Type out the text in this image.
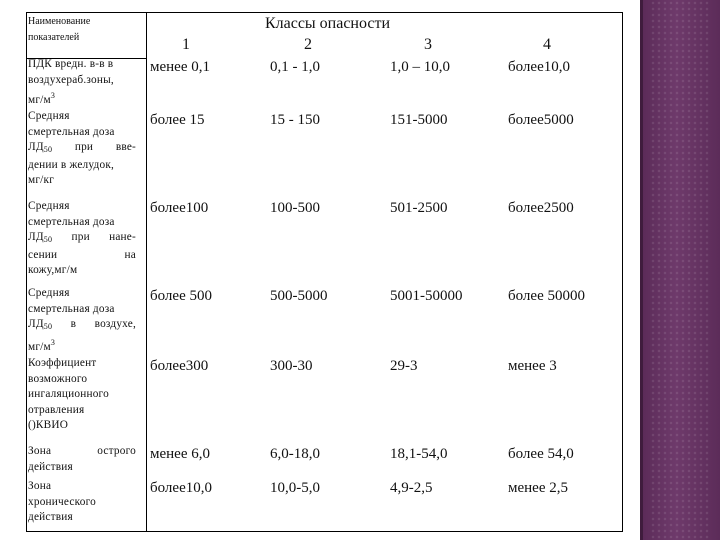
Наименование показателей
Классы опасности
1	2	3	4
ПДК вредн. в-в в
воздухераб.зоны,
$мг/м^3$
менее 0,1	0,1 - 1,0	1,0 – 10,0	более10,0
Средняя
смертельная доза
$ЛД_{50}$ при вве-
дении в желудок,
мг/кг
более 15	15 - 150	151-5000	более5000
Средняя
смертельная доза
$ЛД_{50}$ при нане-
сении	на
кожу,мг/м
более100	100-500	501-2500	более2500
Средняя
смертельная доза
$ЛД_{50}$ в воздухе,
$мг/м^3$
более 500	500-5000	5001-50000	более 50000
Коэффициент
возможного
ингаляционного
отравления
()КВИО
более300	300-30	29-3	менее 3
Зона	острого
действия
менее 6,0	6,0-18,0	18,1-54,0	более 54,0
Зона
хронического
действия
более10,0	10,0-5,0	4,9-2,5	менее 2,5
